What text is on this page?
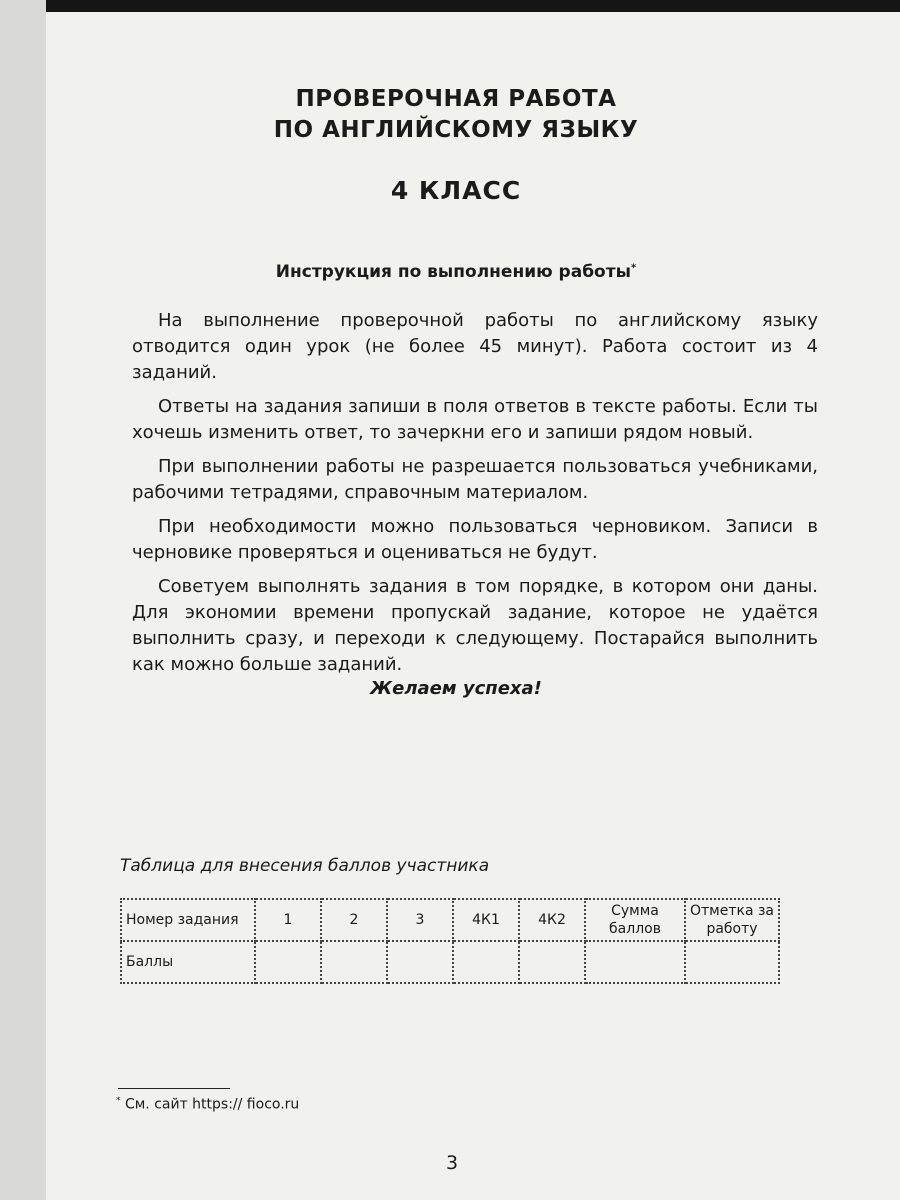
ПРОВЕРОЧНАЯ РАБОТА
ПО АНГЛИЙСКОМУ ЯЗЫКУ
4 КЛАСС
Инструкция по выполнению работы*

На выполнение проверочной работы по английскому языку отводится один урок (не более 45 минут). Работа состоит из 4 заданий.

Ответы на задания запиши в поля ответов в тексте работы. Если ты хочешь изменить ответ, то зачеркни его и запиши рядом новый.

При выполнении работы не разрешается пользоваться учебниками, рабочими тетрадями, справочным материалом.

При необходимости можно пользоваться черновиком. Записи в черновике проверяться и оцениваться не будут.

Советуем выполнять задания в том порядке, в котором они даны. Для экономии времени пропускай задание, которое не удаётся выполнить сразу, и переходи к следующему. Постарайся выполнить как можно больше заданий.

Желаем успеха!
Таблица для внесения баллов участника
Номер задания	1	2	3	4К1	4К2	Сумма баллов	Отметка за работу
Баллы							
* См. сайт https:// fioco.ru
3
